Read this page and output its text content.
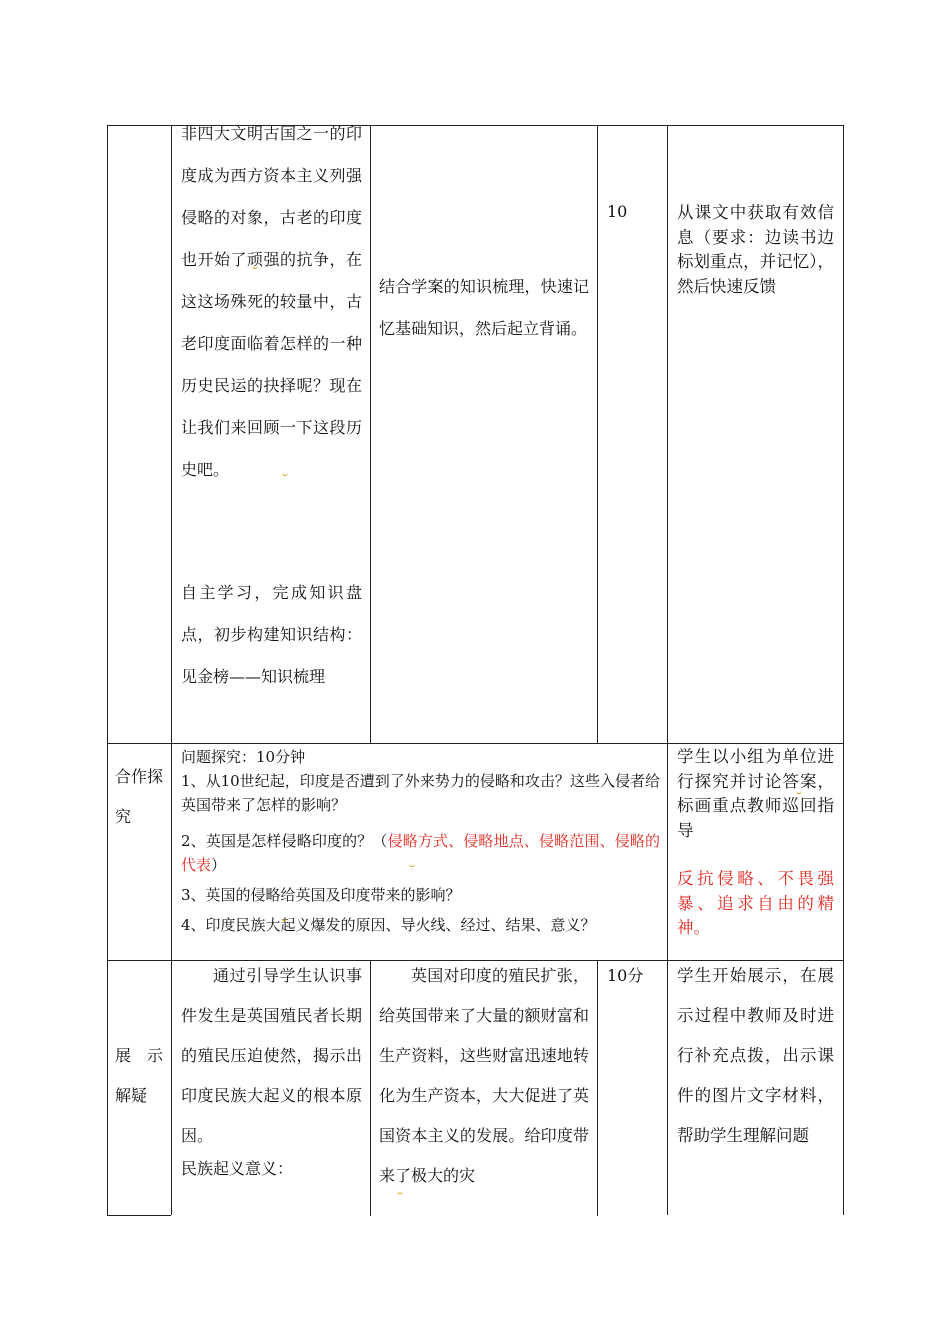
非四大文明古国之一的印度成为西方资本主义列强侵略的对象，古老的印度也开始了顽强的抗争，在这这场殊死的较量中，古老印度面临着怎样的一种历史民运的抉择呢？现在让我们来回顾一下这段历史吧。

自主学习，完成知识盘点，初步构建知识结构：见金榜——知识梳理

结合学案的知识梳理，快速记忆基础知识，然后起立背诵。

10	从课文中获取有效信息（要求：边读书边标划重点，并记忆），然后快速反馈

合作探究

问题探究：10分钟

1、从10世纪起，印度是否遭到了外来势力的侵略和攻击？这些入侵者给英国带来了怎样的影响？

2、英国是怎样侵略印度的？（侵略方式、侵略地点、侵略范围、侵略的代表）

3、英国的侵略给英国及印度带来的影响？

4、印度民族大起义爆发的原因、导火线、经过、结果、意义？

学生以小组为单位进行探究并讨论答案，标画重点教师巡回指导

反抗侵略、不畏强暴、追求自由的精神。

展 示 解疑

通过引导学生认识事件发生是英国殖民者长期的殖民压迫使然，揭示出印度民族大起义的根本原因。

民族起义意义：

英国对印度的殖民扩张，给英国带来了大量的额财富和生产资料，这些财富迅速地转化为生产资本，大大促进了英国资本主义的发展。给印度带来了极大的灾

10分	学生开始展示，在展示过程中教师及时进行补充点拨，出示课件的图片文字材料，帮助学生理解问题
